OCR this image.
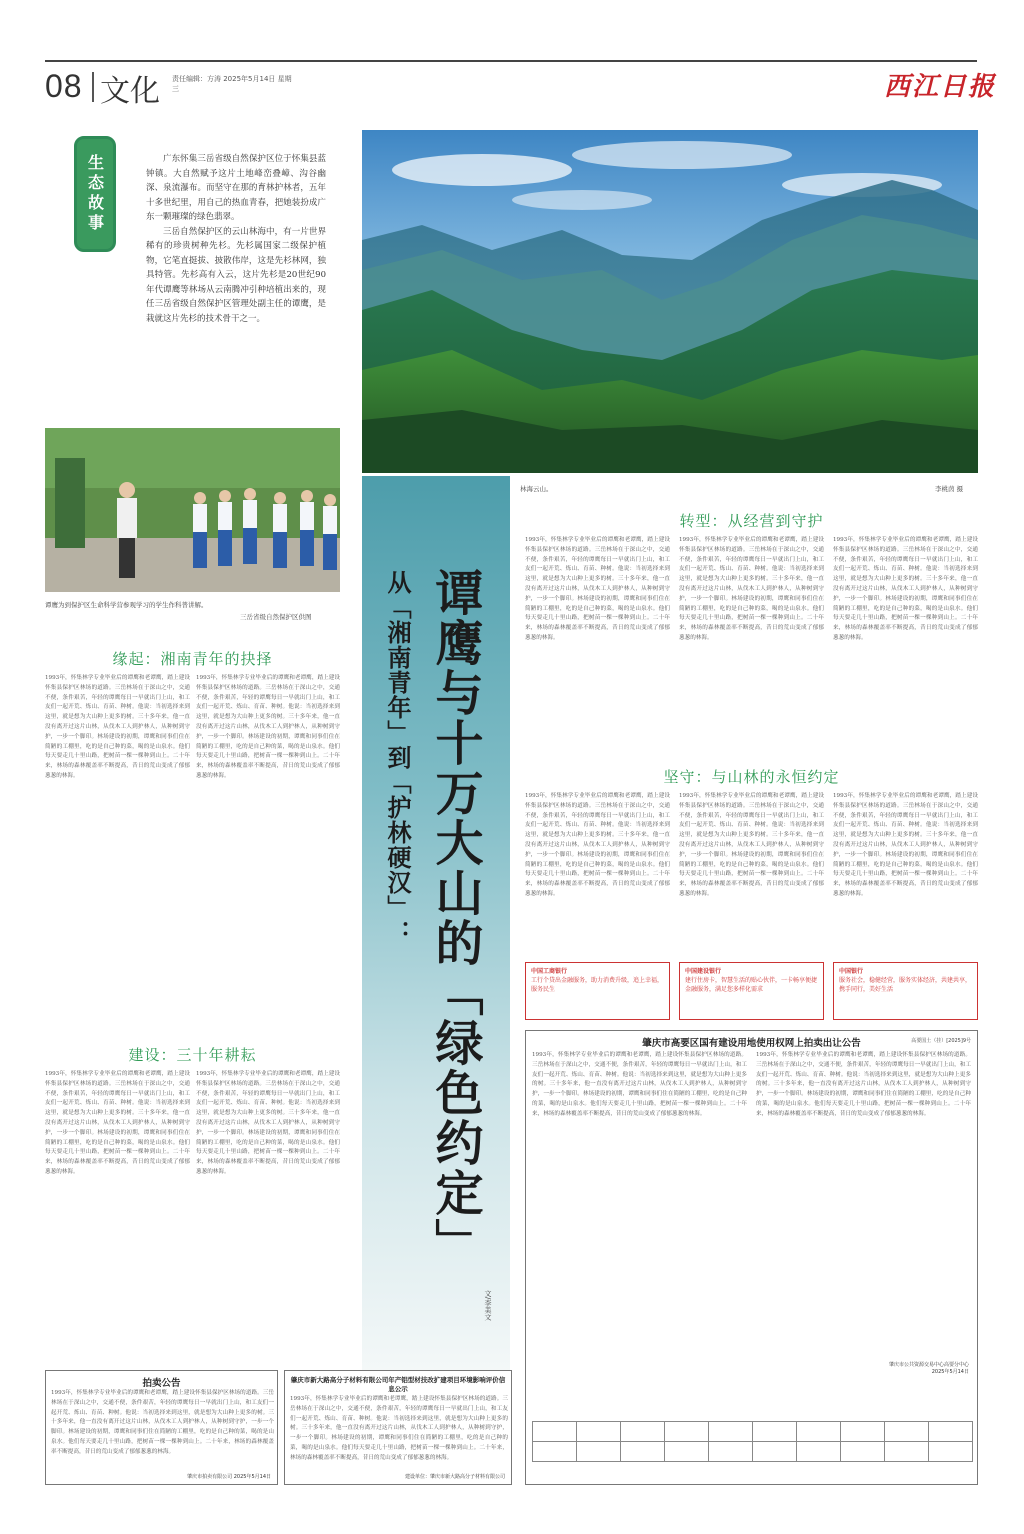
08 文化 责任编辑：方涛 2025年5月14日 星期三	西江日报
生态故事	广东怀集三岳省级自然保护区位于怀集县蓝钟镇。大自然赋予这片土地峰峦叠嶂、沟谷幽深、泉流瀑布。而坚守在那的育林护林者，五年十多世纪里，用自己的热血青春，把她装扮成广东一颗璀璨的绿色翡翠。

三岳自然保护区的云山林海中，有一片世界稀有的珍贵树种先杉。先杉属国家二级保护植物，它笔直挺拔、披散伟岸，这是先杉林网，独具特管。先杉高有入云，这片先杉是20世纪90年代谭鹰等林场从云南腾冲引种培植出来的，现任三岳省级自然保护区管理处副主任的谭鹰，是栽就这片先杉的技术骨干之一。

林海云山。	李桃茵 摄
谭鹰为到保护区生命科学营参观学习的学生作科普讲解。
三岳省级自然保护区供图 谭鹰与十万大山的「绿色约定」
从「湘南青年」到「护林硬汉」：
文/李美文
缘起：湘南青年的抉择
1993年，怀集林学专业毕业后的谭鹰和老谭鹰，踏上建设怀集县保护区林场的道路。三岳林场在于深山之中，交通不便，条件艰苦，年轻的谭鹰每日一早就出门上山，和工友们一起开荒、炼山、育苗、种树。他说：当初选择来到这里，就是想为大山种上更多的树。三十多年来，他一直没有离开过这片山林，从伐木工人到护林人，从种树到守护，一步一个脚印。林场建设的初期，谭鹰和同事们住在简陋的工棚里，吃的是自己种的菜，喝的是山泉水。他们每天要走几十里山路，把树苗一棵一棵种到山上。二十年来，林场的森林覆盖率不断提高，昔日的荒山变成了郁郁葱葱的林海。
1993年，怀集林学专业毕业后的谭鹰和老谭鹰，踏上建设怀集县保护区林场的道路。三岳林场在于深山之中，交通不便，条件艰苦，年轻的谭鹰每日一早就出门上山，和工友们一起开荒、炼山、育苗、种树。他说：当初选择来到这里，就是想为大山种上更多的树。三十多年来，他一直没有离开过这片山林，从伐木工人到护林人，从种树到守护，一步一个脚印。林场建设的初期，谭鹰和同事们住在简陋的工棚里，吃的是自己种的菜，喝的是山泉水。他们每天要走几十里山路，把树苗一棵一棵种到山上。二十年来，林场的森林覆盖率不断提高，昔日的荒山变成了郁郁葱葱的林海。
建设：三十年耕耘
1993年，怀集林学专业毕业后的谭鹰和老谭鹰，踏上建设怀集县保护区林场的道路。三岳林场在于深山之中，交通不便，条件艰苦，年轻的谭鹰每日一早就出门上山，和工友们一起开荒、炼山、育苗、种树。他说：当初选择来到这里，就是想为大山种上更多的树。三十多年来，他一直没有离开过这片山林，从伐木工人到护林人，从种树到守护，一步一个脚印。林场建设的初期，谭鹰和同事们住在简陋的工棚里，吃的是自己种的菜，喝的是山泉水。他们每天要走几十里山路，把树苗一棵一棵种到山上。二十年来，林场的森林覆盖率不断提高，昔日的荒山变成了郁郁葱葱的林海。
1993年，怀集林学专业毕业后的谭鹰和老谭鹰，踏上建设怀集县保护区林场的道路。三岳林场在于深山之中，交通不便，条件艰苦，年轻的谭鹰每日一早就出门上山，和工友们一起开荒、炼山、育苗、种树。他说：当初选择来到这里，就是想为大山种上更多的树。三十多年来，他一直没有离开过这片山林，从伐木工人到护林人，从种树到守护，一步一个脚印。林场建设的初期，谭鹰和同事们住在简陋的工棚里，吃的是自己种的菜，喝的是山泉水。他们每天要走几十里山路，把树苗一棵一棵种到山上。二十年来，林场的森林覆盖率不断提高，昔日的荒山变成了郁郁葱葱的林海。
转型：从经营到守护
1993年，怀集林学专业毕业后的谭鹰和老谭鹰，踏上建设怀集县保护区林场的道路。三岳林场在于深山之中，交通不便，条件艰苦，年轻的谭鹰每日一早就出门上山，和工友们一起开荒、炼山、育苗、种树。他说：当初选择来到这里，就是想为大山种上更多的树。三十多年来，他一直没有离开过这片山林，从伐木工人到护林人，从种树到守护，一步一个脚印。林场建设的初期，谭鹰和同事们住在简陋的工棚里，吃的是自己种的菜，喝的是山泉水。他们每天要走几十里山路，把树苗一棵一棵种到山上。二十年来，林场的森林覆盖率不断提高，昔日的荒山变成了郁郁葱葱的林海。
1993年，怀集林学专业毕业后的谭鹰和老谭鹰，踏上建设怀集县保护区林场的道路。三岳林场在于深山之中，交通不便，条件艰苦，年轻的谭鹰每日一早就出门上山，和工友们一起开荒、炼山、育苗、种树。他说：当初选择来到这里，就是想为大山种上更多的树。三十多年来，他一直没有离开过这片山林，从伐木工人到护林人，从种树到守护，一步一个脚印。林场建设的初期，谭鹰和同事们住在简陋的工棚里，吃的是自己种的菜，喝的是山泉水。他们每天要走几十里山路，把树苗一棵一棵种到山上。二十年来，林场的森林覆盖率不断提高，昔日的荒山变成了郁郁葱葱的林海。
1993年，怀集林学专业毕业后的谭鹰和老谭鹰，踏上建设怀集县保护区林场的道路。三岳林场在于深山之中，交通不便，条件艰苦，年轻的谭鹰每日一早就出门上山，和工友们一起开荒、炼山、育苗、种树。他说：当初选择来到这里，就是想为大山种上更多的树。三十多年来，他一直没有离开过这片山林，从伐木工人到护林人，从种树到守护，一步一个脚印。林场建设的初期，谭鹰和同事们住在简陋的工棚里，吃的是自己种的菜，喝的是山泉水。他们每天要走几十里山路，把树苗一棵一棵种到山上。二十年来，林场的森林覆盖率不断提高，昔日的荒山变成了郁郁葱葱的林海。
坚守：与山林的永恒约定
1993年，怀集林学专业毕业后的谭鹰和老谭鹰，踏上建设怀集县保护区林场的道路。三岳林场在于深山之中，交通不便，条件艰苦，年轻的谭鹰每日一早就出门上山，和工友们一起开荒、炼山、育苗、种树。他说：当初选择来到这里，就是想为大山种上更多的树。三十多年来，他一直没有离开过这片山林，从伐木工人到护林人，从种树到守护，一步一个脚印。林场建设的初期，谭鹰和同事们住在简陋的工棚里，吃的是自己种的菜，喝的是山泉水。他们每天要走几十里山路，把树苗一棵一棵种到山上。二十年来，林场的森林覆盖率不断提高，昔日的荒山变成了郁郁葱葱的林海。
1993年，怀集林学专业毕业后的谭鹰和老谭鹰，踏上建设怀集县保护区林场的道路。三岳林场在于深山之中，交通不便，条件艰苦，年轻的谭鹰每日一早就出门上山，和工友们一起开荒、炼山、育苗、种树。他说：当初选择来到这里，就是想为大山种上更多的树。三十多年来，他一直没有离开过这片山林，从伐木工人到护林人，从种树到守护，一步一个脚印。林场建设的初期，谭鹰和同事们住在简陋的工棚里，吃的是自己种的菜，喝的是山泉水。他们每天要走几十里山路，把树苗一棵一棵种到山上。二十年来，林场的森林覆盖率不断提高，昔日的荒山变成了郁郁葱葱的林海。
1993年，怀集林学专业毕业后的谭鹰和老谭鹰，踏上建设怀集县保护区林场的道路。三岳林场在于深山之中，交通不便，条件艰苦，年轻的谭鹰每日一早就出门上山，和工友们一起开荒、炼山、育苗、种树。他说：当初选择来到这里，就是想为大山种上更多的树。三十多年来，他一直没有离开过这片山林，从伐木工人到护林人，从种树到守护，一步一个脚印。林场建设的初期，谭鹰和同事们住在简陋的工棚里，吃的是自己种的菜，喝的是山泉水。他们每天要走几十里山路，把树苗一棵一棵种到山上。二十年来，林场的森林覆盖率不断提高，昔日的荒山变成了郁郁葱葱的林海。
中国工商银行
工行个贷出金融服务，助力消费升级，追上幸福，服务民生
中国建设银行
建行住房卡，智慧生活的贴心伙伴，一卡畅享便捷金融服务，满足您多样化需求
中国银行
服务社会，稳健经营，服务实体经济，共建共享，携手同行，美好生活
肇庆市高要区国有建设用地使用权网上拍卖出让公告	高要国土（挂）[2025]9号
1993年，怀集林学专业毕业后的谭鹰和老谭鹰，踏上建设怀集县保护区林场的道路。三岳林场在于深山之中，交通不便，条件艰苦，年轻的谭鹰每日一早就出门上山，和工友们一起开荒、炼山、育苗、种树。他说：当初选择来到这里，就是想为大山种上更多的树。三十多年来，他一直没有离开过这片山林，从伐木工人到护林人，从种树到守护，一步一个脚印。林场建设的初期，谭鹰和同事们住在简陋的工棚里，吃的是自己种的菜，喝的是山泉水。他们每天要走几十里山路，把树苗一棵一棵种到山上。二十年来，林场的森林覆盖率不断提高，昔日的荒山变成了郁郁葱葱的林海。
1993年，怀集林学专业毕业后的谭鹰和老谭鹰，踏上建设怀集县保护区林场的道路。三岳林场在于深山之中，交通不便，条件艰苦，年轻的谭鹰每日一早就出门上山，和工友们一起开荒、炼山、育苗、种树。他说：当初选择来到这里，就是想为大山种上更多的树。三十多年来，他一直没有离开过这片山林，从伐木工人到护林人，从种树到守护，一步一个脚印。林场建设的初期，谭鹰和同事们住在简陋的工棚里，吃的是自己种的菜，喝的是山泉水。他们每天要走几十里山路，把树苗一棵一棵种到山上。二十年来，林场的森林覆盖率不断提高，昔日的荒山变成了郁郁葱葱的林海。
肇庆市公共资源交易中心高要分中心
2025年5月14日

拍卖公告
1993年，怀集林学专业毕业后的谭鹰和老谭鹰，踏上建设怀集县保护区林场的道路。三岳林场在于深山之中，交通不便，条件艰苦，年轻的谭鹰每日一早就出门上山，和工友们一起开荒、炼山、育苗、种树。他说：当初选择来到这里，就是想为大山种上更多的树。三十多年来，他一直没有离开过这片山林，从伐木工人到护林人，从种树到守护，一步一个脚印。林场建设的初期，谭鹰和同事们住在简陋的工棚里，吃的是自己种的菜，喝的是山泉水。他们每天要走几十里山路，把树苗一棵一棵种到山上。二十年来，林场的森林覆盖率不断提高，昔日的荒山变成了郁郁葱葱的林海。
肇庆市拍卖有限公司 2025年5月14日
肇庆市新大路高分子材料有限公司年产铝型材技改扩建项目环境影响评价信息公示
1993年，怀集林学专业毕业后的谭鹰和老谭鹰，踏上建设怀集县保护区林场的道路。三岳林场在于深山之中，交通不便，条件艰苦，年轻的谭鹰每日一早就出门上山，和工友们一起开荒、炼山、育苗、种树。他说：当初选择来到这里，就是想为大山种上更多的树。三十多年来，他一直没有离开过这片山林，从伐木工人到护林人，从种树到守护，一步一个脚印。林场建设的初期，谭鹰和同事们住在简陋的工棚里，吃的是自己种的菜，喝的是山泉水。他们每天要走几十里山路，把树苗一棵一棵种到山上。二十年来，林场的森林覆盖率不断提高，昔日的荒山变成了郁郁葱葱的林海。
建设单位：肇庆市新大路高分子材料有限公司
